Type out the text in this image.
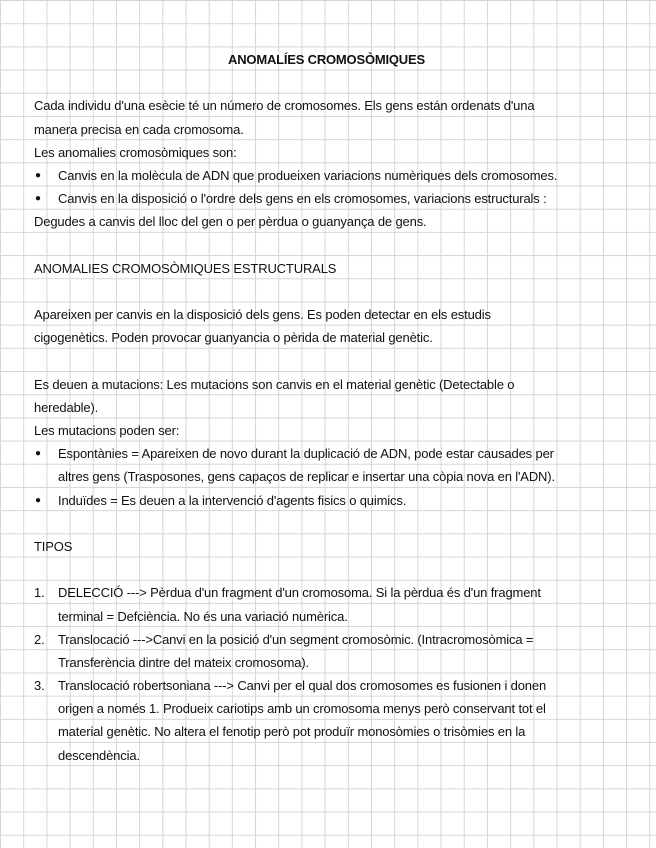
ANOMALÍES CROMOSÒMIQUES
Cada individu d'una esècie té un número de cromosomes. Els gens están ordenats d'una
manera precisa en cada cromosoma.
Les anomalies cromosòmiques son:
● Canvis en la molècula de ADN que produeixen variacions numèriques dels cromosomes.
● Canvis en la disposició o l'ordre dels gens en els cromosomes, variacions estructurals :
Degudes a canvis del lloc del gen o per pèrdua o guanyança de gens.
ANOMALIES CROMOSÒMIQUES ESTRUCTURALS
Apareixen per canvis en la disposició dels gens. Es poden detectar en els estudis
cigogenètics. Poden provocar guanyancia o pèrida de material genètic.
Es deuen a mutacions: Les mutacions son canvis en el material genètic (Detectable o
heredable).
Les mutacions poden ser:
● Espontànies = Apareixen de novo durant la duplicació de ADN, pode estar causades per
altres gens (Trasposones, gens capaços de replicar e insertar una còpia nova en l'ADN).
● Induïdes = Es deuen a la intervenció d'agents fisics o quimics.
TIPOS
1. DELECCIÓ ---> Pèrdua d'un fragment d'un cromosoma. Si la pèrdua és d'un fragment
terminal = Defciència. No és una variació numèrica.
2. Translocació --->Canvi en la posició d'un segment cromosòmic. (Intracromosòmica =
Transferència dintre del mateix cromosoma).
3. Translocació robertsoniana ---> Canvi per el qual dos cromosomes es fusionen i donen
origen a només 1. Produeix cariotips amb un cromosoma menys però conservant tot el
material genètic. No altera el fenotip però pot produïr monosòmies o trisòmies en la
descendència.
